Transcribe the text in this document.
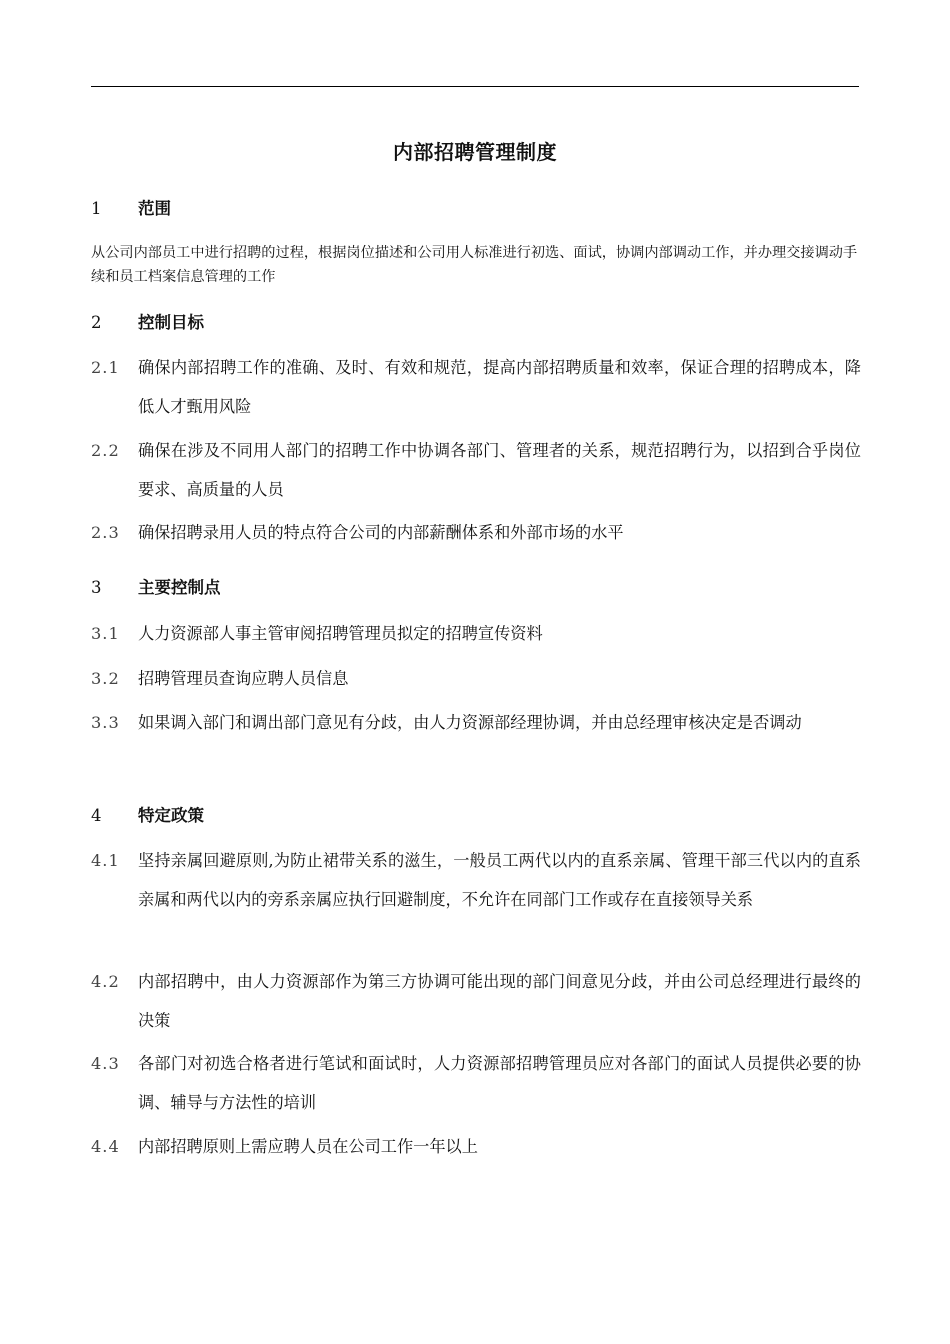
内部招聘管理制度
1 范围
从公司内部员工中进行招聘的过程，根据岗位描述和公司用人标准进行初选、面试，协调内部调动工作，并办理交接调动手续和员工档案信息管理的工作
2 控制目标
2.1	确保内部招聘工作的准确、及时、有效和规范，提高内部招聘质量和效率，保证合理的招聘成本，降低人才甄用风险
2.2	确保在涉及不同用人部门的招聘工作中协调各部门、管理者的关系，规范招聘行为，以招到合乎岗位要求、高质量的人员
2.3	确保招聘录用人员的特点符合公司的内部薪酬体系和外部市场的水平
3 主要控制点
3.1	人力资源部人事主管审阅招聘管理员拟定的招聘宣传资料
3.2	招聘管理员查询应聘人员信息
3.3	如果调入部门和调出部门意见有分歧，由人力资源部经理协调，并由总经理审核决定是否调动
4 特定政策
4.1	坚持亲属回避原则,为防止裙带关系的滋生，一般员工两代以内的直系亲属、管理干部三代以内的直系亲属和两代以内的旁系亲属应执行回避制度，不允许在同部门工作或存在直接领导关系
4.2	内部招聘中，由人力资源部作为第三方协调可能出现的部门间意见分歧，并由公司总经理进行最终的决策
4.3	各部门对初选合格者进行笔试和面试时，人力资源部招聘管理员应对各部门的面试人员提供必要的协调、辅导与方法性的培训
4.4	内部招聘原则上需应聘人员在公司工作一年以上
